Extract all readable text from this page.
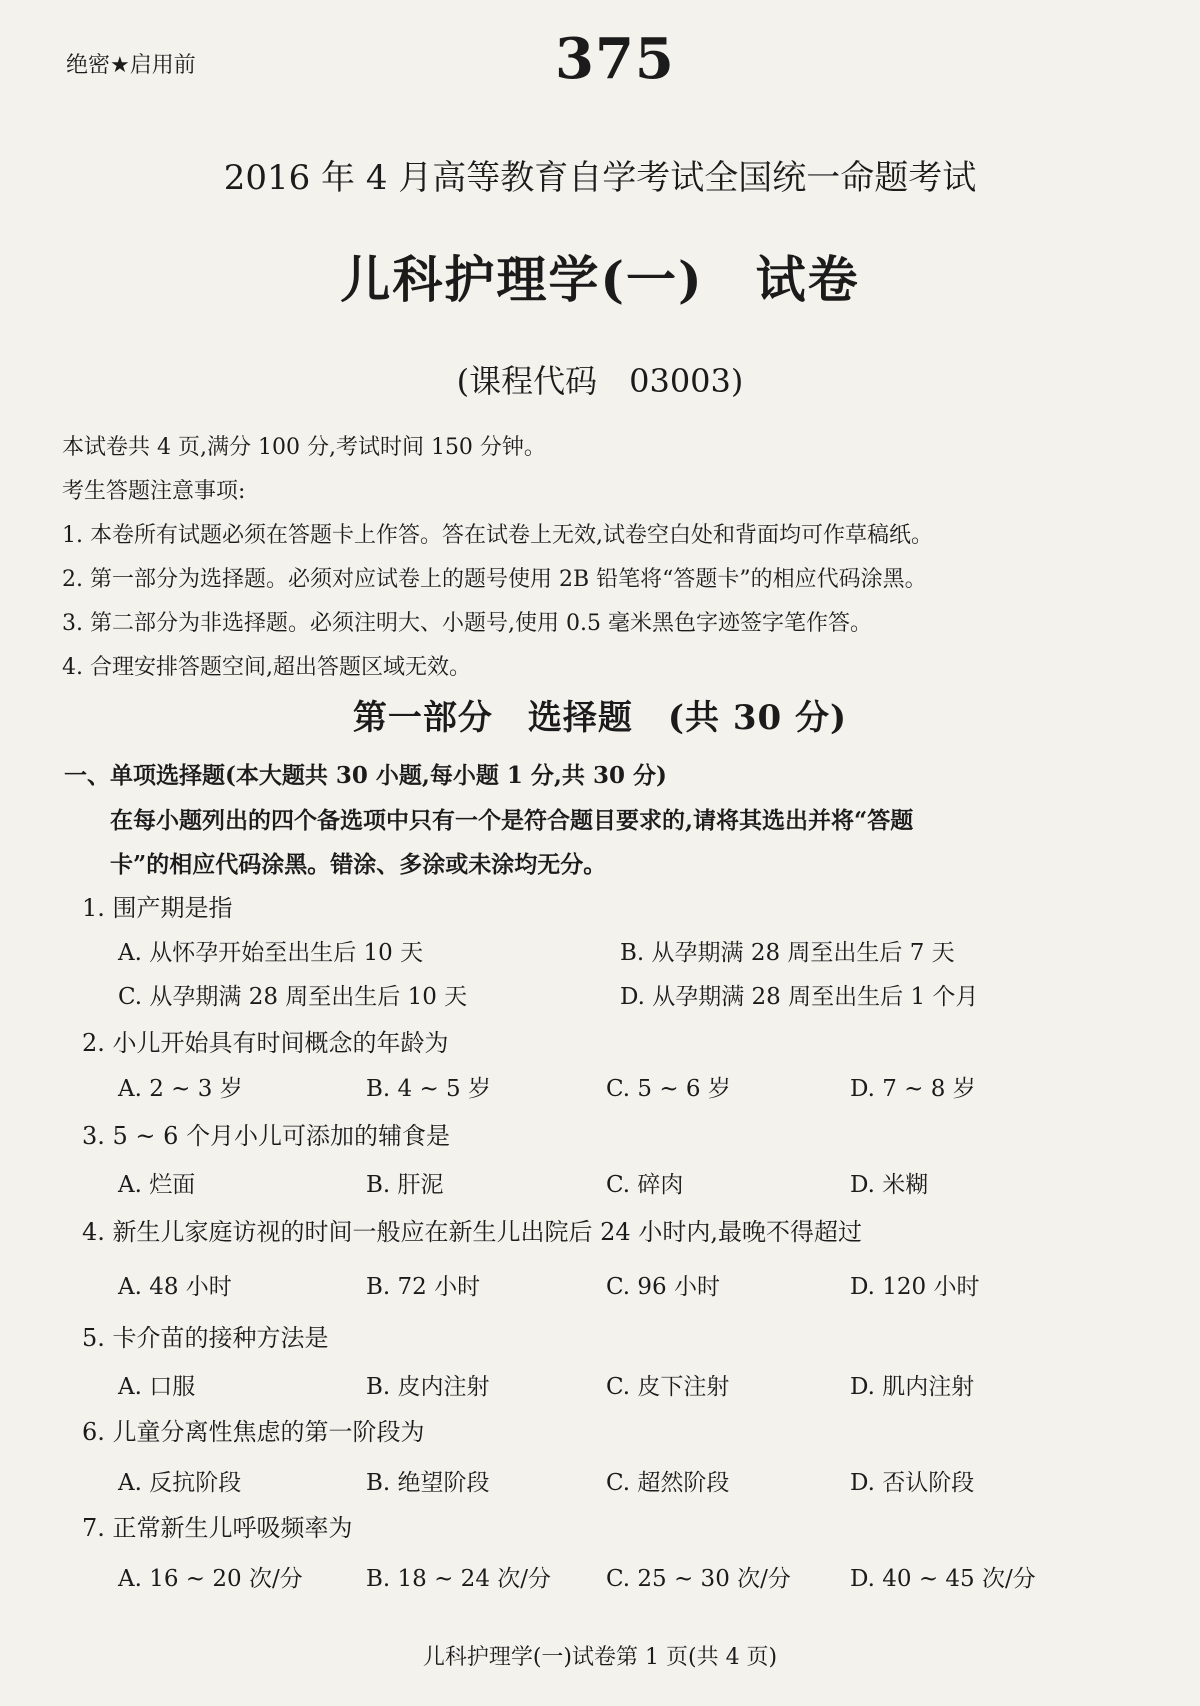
绝密★启用前	375
2016 年 4 月高等教育自学考试全国统一命题考试
儿科护理学(一)　试卷
(课程代码　03003)
本试卷共 4 页,满分 100 分,考试时间 150 分钟。
考生答题注意事项:
1. 本卷所有试题必须在答题卡上作答。答在试卷上无效,试卷空白处和背面均可作草稿纸。
2. 第一部分为选择题。必须对应试卷上的题号使用 2B 铅笔将“答题卡”的相应代码涂黑。
3. 第二部分为非选择题。必须注明大、小题号,使用 0.5 毫米黑色字迹签字笔作答。
4. 合理安排答题空间,超出答题区域无效。
第一部分　选择题　(共 30 分)
一、单项选择题(本大题共 30 小题,每小题 1 分,共 30 分)
在每小题列出的四个备选项中只有一个是符合题目要求的,请将其选出并将“答题
卡”的相应代码涂黑。错涂、多涂或未涂均无分。
1. 围产期是指
A. 从怀孕开始至出生后 10 天	B. 从孕期满 28 周至出生后 7 天
C. 从孕期满 28 周至出生后 10 天	D. 从孕期满 28 周至出生后 1 个月
2. 小儿开始具有时间概念的年龄为
A. 2 ~ 3 岁	B. 4 ~ 5 岁	C. 5 ~ 6 岁	D. 7 ~ 8 岁
3. 5 ~ 6 个月小儿可添加的辅食是
A. 烂面	B. 肝泥	C. 碎肉	D. 米糊
4. 新生儿家庭访视的时间一般应在新生儿出院后 24 小时内,最晚不得超过
A. 48 小时	B. 72 小时	C. 96 小时	D. 120 小时
5. 卡介苗的接种方法是
A. 口服	B. 皮内注射	C. 皮下注射	D. 肌内注射
6. 儿童分离性焦虑的第一阶段为
A. 反抗阶段	B. 绝望阶段	C. 超然阶段	D. 否认阶段
7. 正常新生儿呼吸频率为
A. 16 ~ 20 次/分	B. 18 ~ 24 次/分 C. 25 ~ 30 次/分	D. 40 ~ 45 次/分
儿科护理学(一)试卷第 1 页(共 4 页)
